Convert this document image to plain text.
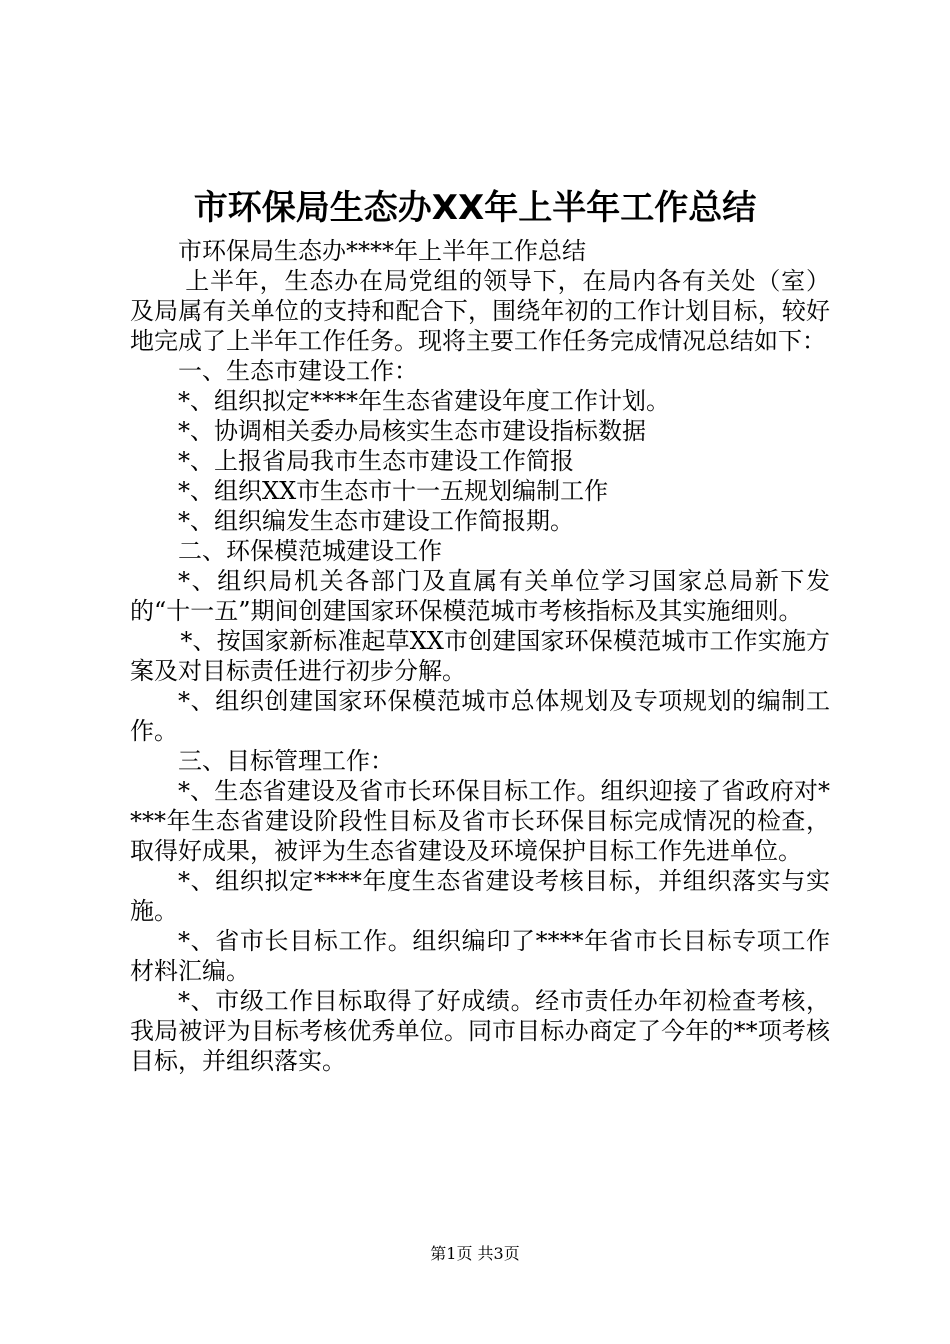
市环保局生态办XX年上半年工作总结

市环保局生态办****年上半年工作总结

上半年，生态办在局党组的领导下，在局内各有关处（室）及局属有关单位的支持和配合下，围绕年初的工作计划目标，较好地完成了上半年工作任务。现将主要工作任务完成情况总结如下：

一、生态市建设工作：

*、组织拟定****年生态省建设年度工作计划。

*、协调相关委办局核实生态市建设指标数据

*、上报省局我市生态市建设工作简报

*、组织XX市生态市十一五规划编制工作

*、组织编发生态市建设工作简报期。

二、环保模范城建设工作

*、组织局机关各部门及直属有关单位学习国家总局新下发的“十一五”期间创建国家环保模范城市考核指标及其实施细则。

*、按国家新标准起草XX市创建国家环保模范城市工作实施方案及对目标责任进行初步分解。

*、组织创建国家环保模范城市总体规划及专项规划的编制工作。

三、目标管理工作：

*、生态省建设及省市长环保目标工作。组织迎接了省政府对****年生态省建设阶段性目标及省市长环保目标完成情况的检查，取得好成果，被评为生态省建设及环境保护目标工作先进单位。

*、组织拟定****年度生态省建设考核目标，并组织落实与实施。

*、省市长目标工作。组织编印了****年省市长目标专项工作材料汇编。

*、市级工作目标取得了好成绩。经市责任办年初检查考核，我局被评为目标考核优秀单位。同市目标办商定了今年的**项考核目标，并组织落实。

第1页 共3页
